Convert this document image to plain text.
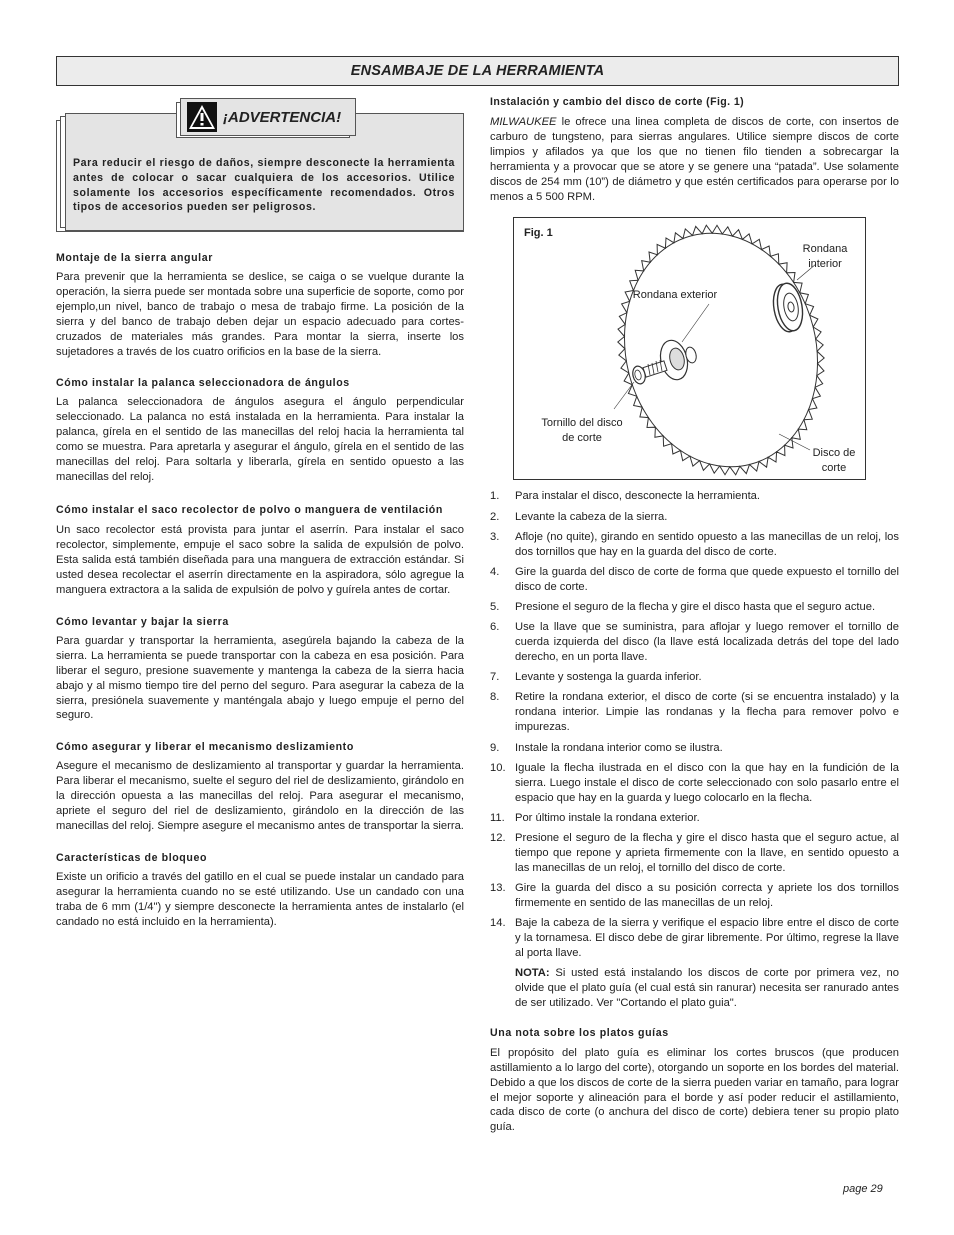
ENSAMBAJE DE LA HERRAMIENTA
¡ADVERTENCIA!
Para reducir el riesgo de daños, siempre desconecte la herramienta antes de colocar o sacar cualquiera de los accesorios. Utilice solamente los accesorios específicamente recomendados. Otros tipos de accesorios pueden ser peligrosos.
Montaje de la sierra angular

Para prevenir que la herramienta se deslice, se caiga o se vuelque durante la operación, la sierra puede ser montada sobre una superficie de soporte, como por ejemplo,un nivel, banco de trabajo o mesa de trabajo firme. La posición de la sierra y del banco de trabajo deben dejar un espacio adecuado para cortes-cruzados de materiales más grandes. Para montar la sierra, inserte los sujetadores a través de los cuatro orificios en la base de la sierra.

Cómo instalar la palanca seleccionadora de ángulos

La palanca seleccionadora de ángulos asegura el ángulo perpendicular seleccionado. La palanca no está instalada en la herramienta. Para instalar la palanca, gírela en el sentido de las manecillas del reloj hacia la herramienta tal como se muestra. Para apretarla y asegurar el ángulo, gírela en el sentido de las manecillas del reloj. Para soltarla y liberarla, gírela en sentido opuesto a las manecillas del reloj.

Cómo instalar el saco recolector de polvo o manguera de ventilación

Un saco recolector está provista para juntar el aserrín. Para instalar el saco recolector, simplemente, empuje el saco sobre la salida de expulsión de polvo. Esta salida está también diseñada para una manguera de extracción estándar. Si usted desea recolectar el aserrín directamente en la aspiradora, sólo agregue la manguera extractora a la salida de expulsión de polvo y guírela antes de cortar.

Cómo levantar y bajar la sierra

Para guardar y transportar la herramienta, asegúrela bajando la cabeza de la sierra. La herramienta se puede transportar con la cabeza en esa posición. Para liberar el seguro, presione suavemente y mantenga la cabeza de la sierra hacia abajo y al mismo tiempo tire del perno del seguro. Para asegurar la cabeza de la sierra, presiónela suavemente y manténgala abajo y luego empuje el perno del seguro.

Cómo asegurar y liberar el mecanismo deslizamiento

Asegure el mecanismo de deslizamiento al transportar y guardar la herramienta. Para liberar el mecanismo, suelte el seguro del riel de deslizamiento, girándolo en la dirección opuesta a las manecillas del reloj. Para asegurar el mecanismo, apriete el seguro del riel de deslizamiento, girándolo en la dirección de las manecillas del reloj. Siempre asegure el mecanismo antes de transportar la sierra.

Características de bloqueo

Existe un orificio a través del gatillo en el cual se puede instalar un candado para asegurar la herramienta cuando no se esté utilizando. Use un candado con una traba de 6 mm (1/4") y siempre desconecte la herramienta antes de instalarlo (el candado no está incluido en la herramienta).

Instalación y cambio del disco de corte (Fig. 1)

MILWAUKEE le ofrece una linea completa de discos de corte, con insertos de carburo de tungsteno, para sierras angulares. Utilice siempre discos de corte limpios y afilados ya que los que no tienen filo tienden a sobrecargar la herramienta y a provocar que se atore y se genere una “patada”. Use solamente discos de 254 mm (10”) de diámetro y que estén certificados para operarse por lo menos a 5 500 RPM.

Fig. 1
Rondana interior
Rondana exterior
Tornillo del disco de corte
Disco de corte
1.	Para instalar el disco, desconecte la herramienta.
2.	Levante la cabeza de la sierra.
3.	Afloje (no quite), girando en sentido opuesto a las manecillas de un reloj, los dos tornillos que hay en la guarda del disco de corte.
4.	Gire la guarda del disco de corte de forma que quede expuesto el tornillo del disco de corte.
5.	Presione el seguro de la flecha y gire el disco hasta que el seguro actue.
6.	Use la llave que se suministra, para aflojar y luego remover el tornillo de cuerda izquierda del disco (la llave está localizada detrás del tope del lado derecho, en un porta llave.
7.	Levante y sostenga la guarda inferior.
8.	Retire la rondana exterior, el disco de corte (si se encuentra instalado) y la rondana interior. Limpie las rondanas y la flecha para remover polvo e impurezas.
9.	Instale la rondana interior como se ilustra.
10. Iguale la flecha ilustrada en el disco con la que hay en la fundición de la sierra. Luego instale el disco de corte seleccionado con solo pasarlo entre el espacio que hay en la guarda y luego colocarlo en la flecha.
11. Por último instale la rondana exterior.
12. Presione el seguro de la flecha y gire el disco hasta que el seguro actue, al tiempo que repone y aprieta firmemente con la llave, en sentido opuesto a las manecillas de un reloj, el tornillo del disco de corte.
13. Gire la guarda del disco a su posición correcta y apriete los dos tornillos firmemente en sentido de las manecillas de un reloj.
14. Baje la cabeza de la sierra y verifique el espacio libre entre el disco de corte y la tornamesa. El disco debe de girar libremente. Por último, regrese la llave al porta llave.

NOTA: Si usted está instalando los discos de corte por primera vez, no olvide que el plato guía (el cual está sin ranurar) necesita ser ranurado antes de ser utilizado. Ver "Cortando el plato guia".

Una nota sobre los platos guías

El propósito del plato guía es eliminar los cortes bruscos (que producen astillamiento a lo largo del corte), otorgando un soporte en los bordes del material. Debido a que los discos de corte de la sierra pueden variar en tamaño, para lograr el mejor soporte y alineación para el borde y así poder reducir el astillamiento, cada disco de corte (o anchura del disco de corte) debiera tener su propio plato guía.

page 29
